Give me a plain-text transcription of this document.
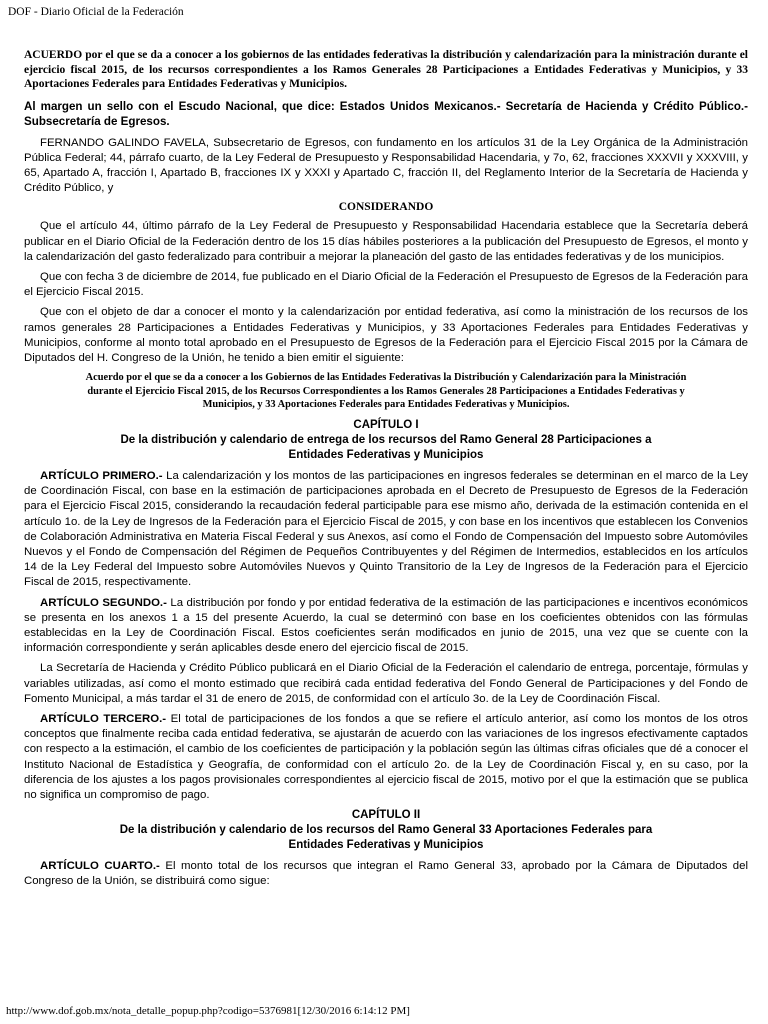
DOF - Diario Oficial de la Federación

ACUERDO por el que se da a conocer a los gobiernos de las entidades federativas la distribución y calendarización para la ministración durante el ejercicio fiscal 2015, de los recursos correspondientes a los Ramos Generales 28 Participaciones a Entidades Federativas y Municipios, y 33 Aportaciones Federales para Entidades Federativas y Municipios.

Al margen un sello con el Escudo Nacional, que dice: Estados Unidos Mexicanos.- Secretaría de Hacienda y Crédito Público.- Subsecretaría de Egresos.

FERNANDO GALINDO FAVELA, Subsecretario de Egresos, con fundamento en los artículos 31 de la Ley Orgánica de la Administración Pública Federal; 44, párrafo cuarto, de la Ley Federal de Presupuesto y Responsabilidad Hacendaria, y 7o, 62, fracciones XXXVII y XXXVIII, y 65, Apartado A, fracción I, Apartado B, fracciones IX y XXXI y Apartado C, fracción II, del Reglamento Interior de la Secretaría de Hacienda y Crédito Público, y

CONSIDERANDO

Que el artículo 44, último párrafo de la Ley Federal de Presupuesto y Responsabilidad Hacendaria establece que la Secretaría deberá publicar en el Diario Oficial de la Federación dentro de los 15 días hábiles posteriores a la publicación del Presupuesto de Egresos, el monto y la calendarización del gasto federalizado para contribuir a mejorar la planeación del gasto de las entidades federativas y de los municipios.

Que con fecha 3 de diciembre de 2014, fue publicado en el Diario Oficial de la Federación el Presupuesto de Egresos de la Federación para el Ejercicio Fiscal 2015.

Que con el objeto de dar a conocer el monto y la calendarización por entidad federativa, así como la ministración de los recursos de los ramos generales 28 Participaciones a Entidades Federativas y Municipios, y 33 Aportaciones Federales para Entidades Federativas y Municipios, conforme al monto total aprobado en el Presupuesto de Egresos de la Federación para el Ejercicio Fiscal 2015 por la Cámara de Diputados del H. Congreso de la Unión, he tenido a bien emitir el siguiente:

Acuerdo por el que se da a conocer a los Gobiernos de las Entidades Federativas la Distribución y Calendarización para la Ministración durante el Ejercicio Fiscal 2015, de los Recursos Correspondientes a los Ramos Generales 28 Participaciones a Entidades Federativas y Municipios, y 33 Aportaciones Federales para Entidades Federativas y Municipios.
CAPÍTULO I
De la distribución y calendario de entrega de los recursos del Ramo General 28 Participaciones a
Entidades Federativas y Municipios

ARTÍCULO PRIMERO.- La calendarización y los montos de las participaciones en ingresos federales se determinan en el marco de la Ley de Coordinación Fiscal, con base en la estimación de participaciones aprobada en el Decreto de Presupuesto de Egresos de la Federación para el Ejercicio Fiscal 2015, considerando la recaudación federal participable para ese mismo año, derivada de la estimación contenida en el artículo 1o. de la Ley de Ingresos de la Federación para el Ejercicio Fiscal de 2015, y con base en los incentivos que establecen los Convenios de Colaboración Administrativa en Materia Fiscal Federal y sus Anexos, así como el Fondo de Compensación del Impuesto sobre Automóviles Nuevos y el Fondo de Compensación del Régimen de Pequeños Contribuyentes y del Régimen de Intermedios, establecidos en los artículos 14 de la Ley Federal del Impuesto sobre Automóviles Nuevos y Quinto Transitorio de la Ley de Ingresos de la Federación para el Ejercicio Fiscal de 2015, respectivamente.

ARTÍCULO SEGUNDO.- La distribución por fondo y por entidad federativa de la estimación de las participaciones e incentivos económicos se presenta en los anexos 1 a 15 del presente Acuerdo, la cual se determinó con base en los coeficientes obtenidos con las fórmulas establecidas en la Ley de Coordinación Fiscal. Estos coeficientes serán modificados en junio de 2015, una vez que se cuente con la información correspondiente y serán aplicables desde enero del ejercicio fiscal de 2015.

La Secretaría de Hacienda y Crédito Público publicará en el Diario Oficial de la Federación el calendario de entrega, porcentaje, fórmulas y variables utilizadas, así como el monto estimado que recibirá cada entidad federativa del Fondo General de Participaciones y del Fondo de Fomento Municipal, a más tardar el 31 de enero de 2015, de conformidad con el artículo 3o. de la Ley de Coordinación Fiscal.

ARTÍCULO TERCERO.- El total de participaciones de los fondos a que se refiere el artículo anterior, así como los montos de los otros conceptos que finalmente reciba cada entidad federativa, se ajustarán de acuerdo con las variaciones de los ingresos efectivamente captados con respecto a la estimación, el cambio de los coeficientes de participación y la población según las últimas cifras oficiales que dé a conocer el Instituto Nacional de Estadística y Geografía, de conformidad con el artículo 2o. de la Ley de Coordinación Fiscal y, en su caso, por la diferencia de los ajustes a los pagos provisionales correspondientes al ejercicio fiscal de 2015, motivo por el que la estimación que se publica no significa un compromiso de pago.

CAPÍTULO II
De la distribución y calendario de los recursos del Ramo General 33 Aportaciones Federales para
Entidades Federativas y Municipios

ARTÍCULO CUARTO.- El monto total de los recursos que integran el Ramo General 33, aprobado por la Cámara de Diputados del Congreso de la Unión, se distribuirá como sigue:

http://www.dof.gob.mx/nota_detalle_popup.php?codigo=5376981[12/30/2016 6:14:12 PM]
